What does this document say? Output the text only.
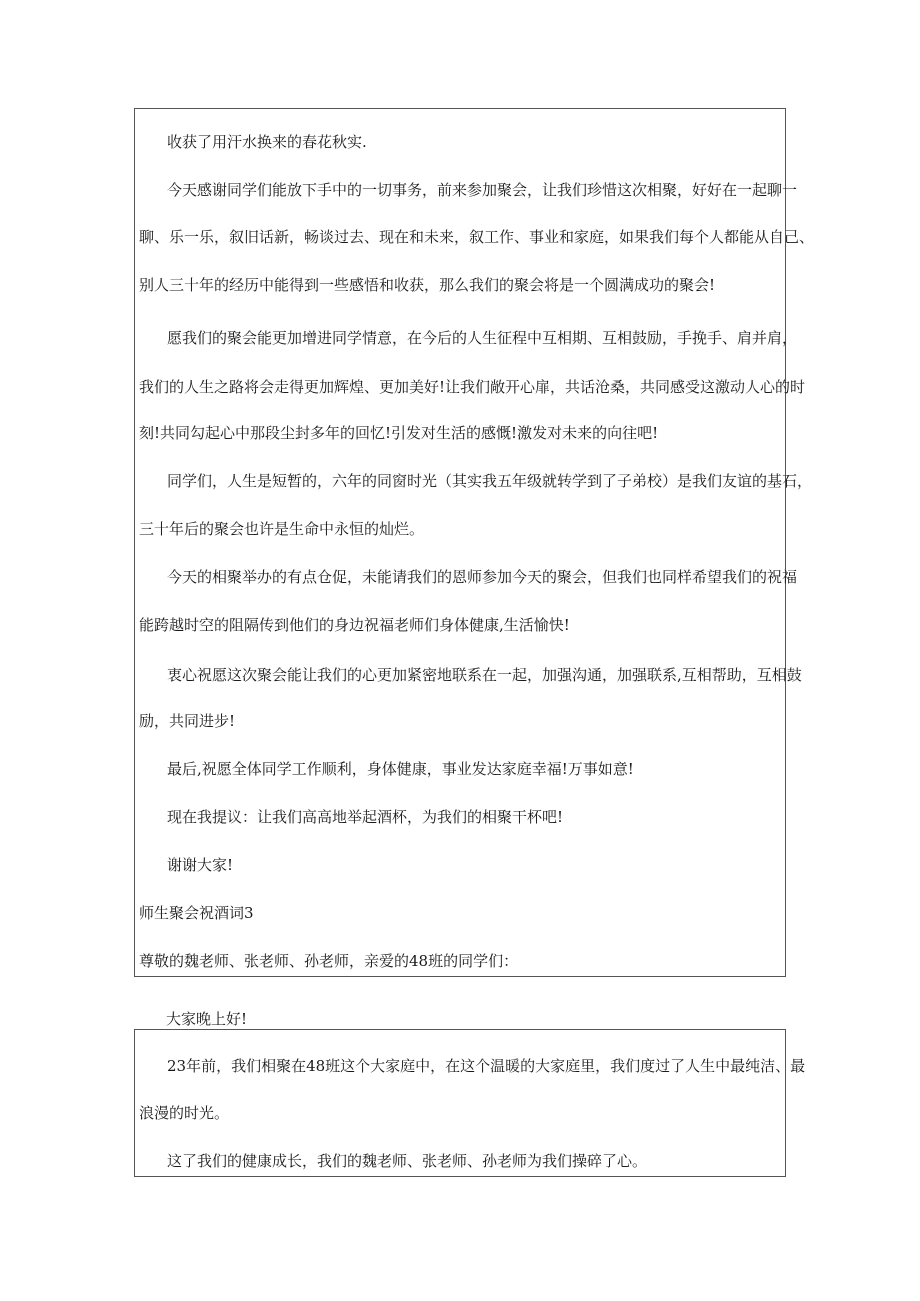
收获了用汗水换来的春花秋实.
今天感谢同学们能放下手中的一切事务，前来参加聚会，让我们珍惜这次相聚，好好在一起聊一
聊、乐一乐，叙旧话新，畅谈过去、现在和未来，叙工作、事业和家庭，如果我们每个人都能从自己、
别人三十年的经历中能得到一些感悟和收获，那么我们的聚会将是一个圆满成功的聚会!
愿我们的聚会能更加增进同学情意，在今后的人生征程中互相期、互相鼓励，手挽手、肩并肩，
我们的人生之路将会走得更加辉煌、更加美好!让我们敞开心扉，共话沧桑，共同感受这激动人心的时
刻!共同勾起心中那段尘封多年的回忆!引发对生活的感慨!激发对未来的向往吧!
同学们，人生是短暂的，六年的同窗时光（其实我五年级就转学到了子弟校）是我们友谊的基石，
三十年后的聚会也许是生命中永恒的灿烂。
今天的相聚举办的有点仓促，未能请我们的恩师参加今天的聚会，但我们也同样希望我们的祝福
能跨越时空的阻隔传到他们的身边祝福老师们身体健康,生活愉快!
衷心祝愿这次聚会能让我们的心更加紧密地联系在一起，加强沟通，加强联系,互相帮助，互相鼓
励，共同进步!
最后,祝愿全体同学工作顺利，身体健康，事业发达家庭幸福!万事如意!
现在我提议：让我们高高地举起酒杯，为我们的相聚干杯吧!
谢谢大家!
师生聚会祝酒词3
尊敬的魏老师、张老师、孙老师，亲爱的48班的同学们：
大家晚上好!
23年前，我们相聚在48班这个大家庭中，在这个温暖的大家庭里，我们度过了人生中最纯洁、最
浪漫的时光。
这了我们的健康成长，我们的魏老师、张老师、孙老师为我们操碎了心。
